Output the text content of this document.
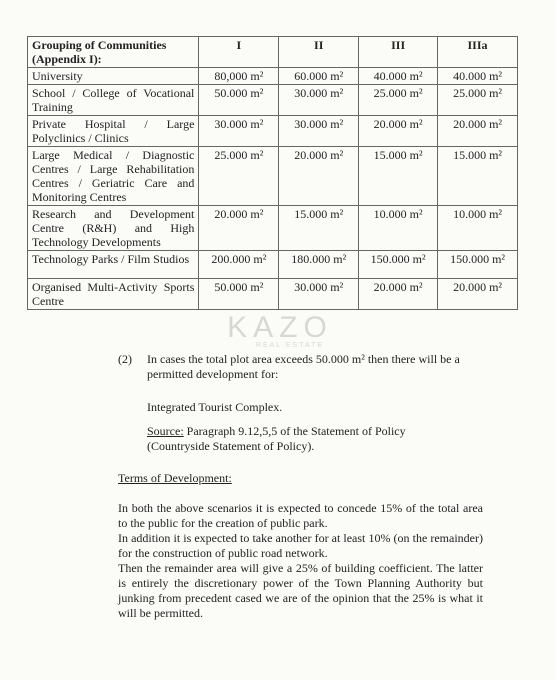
Grouping of Communities (Appendix I):	I	II	III	IIIa
University	80,000 m²	60.000 m²	40.000 m²	40.000 m²
School / College of Vocational Training	50.000 m²	30.000 m²	25.000 m²	25.000 m²
Private Hospital / Large Polyclinics / Clinics	30.000 m²	30.000 m²	20.000 m²	20.000 m²
Large Medical / Diagnostic Centres / Large Rehabilitation Centres / Geriatric Care and Monitoring Centres	25.000 m²	20.000 m²	15.000 m²	15.000 m²
Research and Development Centre (R&H) and High Technology Developments	20.000 m²	15.000 m²	10.000 m²	10.000 m²
Technology Parks / Film Studios	200.000 m²	180.000 m²	150.000 m²	150.000 m²
Organised Multi-Activity Sports Centre	50.000 m²	30.000 m²	20.000 m²	20.000 m²
KAZO
REAL ESTATE
(2) In cases the total plot area exceeds 50.000 m² then there will be a permitted development for:
Integrated Tourist Complex.
Source: Paragraph 9.12,5,5 of the Statement of Policy (Countryside Statement of Policy).
Terms of Development:
In both the above scenarios it is expected to concede 15% of the total area to the public for the creation of public park.
In addition it is expected to take another for at least 10% (on the remainder) for the construction of public road network.
Then the remainder area will give a 25% of building coefficient. The latter is entirely the discretionary power of the Town Planning Authority but junking from precedent cased we are of the opinion that the 25% is what it will be permitted.
